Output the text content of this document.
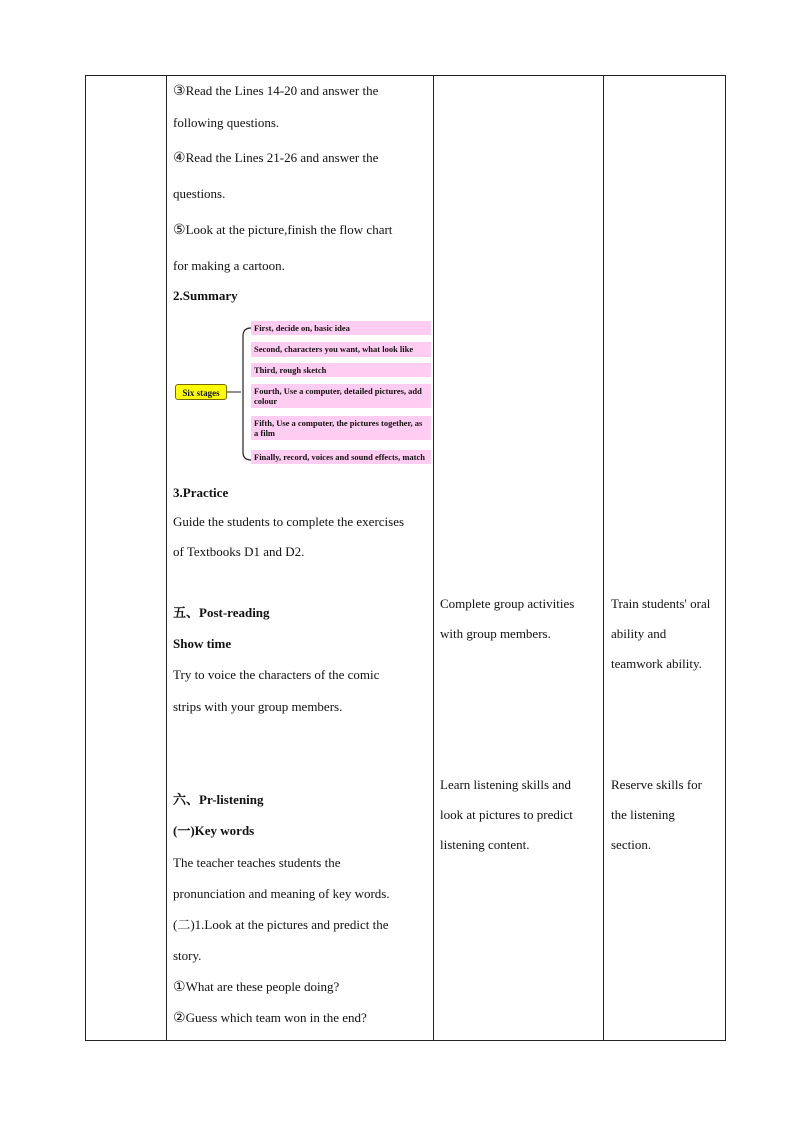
③Read the Lines 14-20 and answer the
following questions.
④Read the Lines 21-26 and answer the
questions.
⑤Look at the picture,finish the flow chart
for making a cartoon.
2.Summary
Six stages
First, decide on, basic idea
Second, characters you want, what look like
Third, rough sketch
Fourth, Use a computer, detailed pictures, add colour
Fifth, Use a computer, the pictures together, as a film
Finally, record, voices and sound effects, match
3.Practice
Guide the students to complete the exercises
of Textbooks D1 and D2.
五、Post-reading
Show time
Try to voice the characters of the comic
strips with your group members.
六、Pr-listening
(一)Key words
The teacher teaches students the
pronunciation and meaning of key words.
(二)1.Look at the pictures and predict the
story.
①What are these people doing?
②Guess which team won in the end?
Complete group activities
with group members.
Learn listening skills and
look at pictures to predict
listening content.
Train students' oral
ability and
teamwork ability.
Reserve skills for
the listening
section.
